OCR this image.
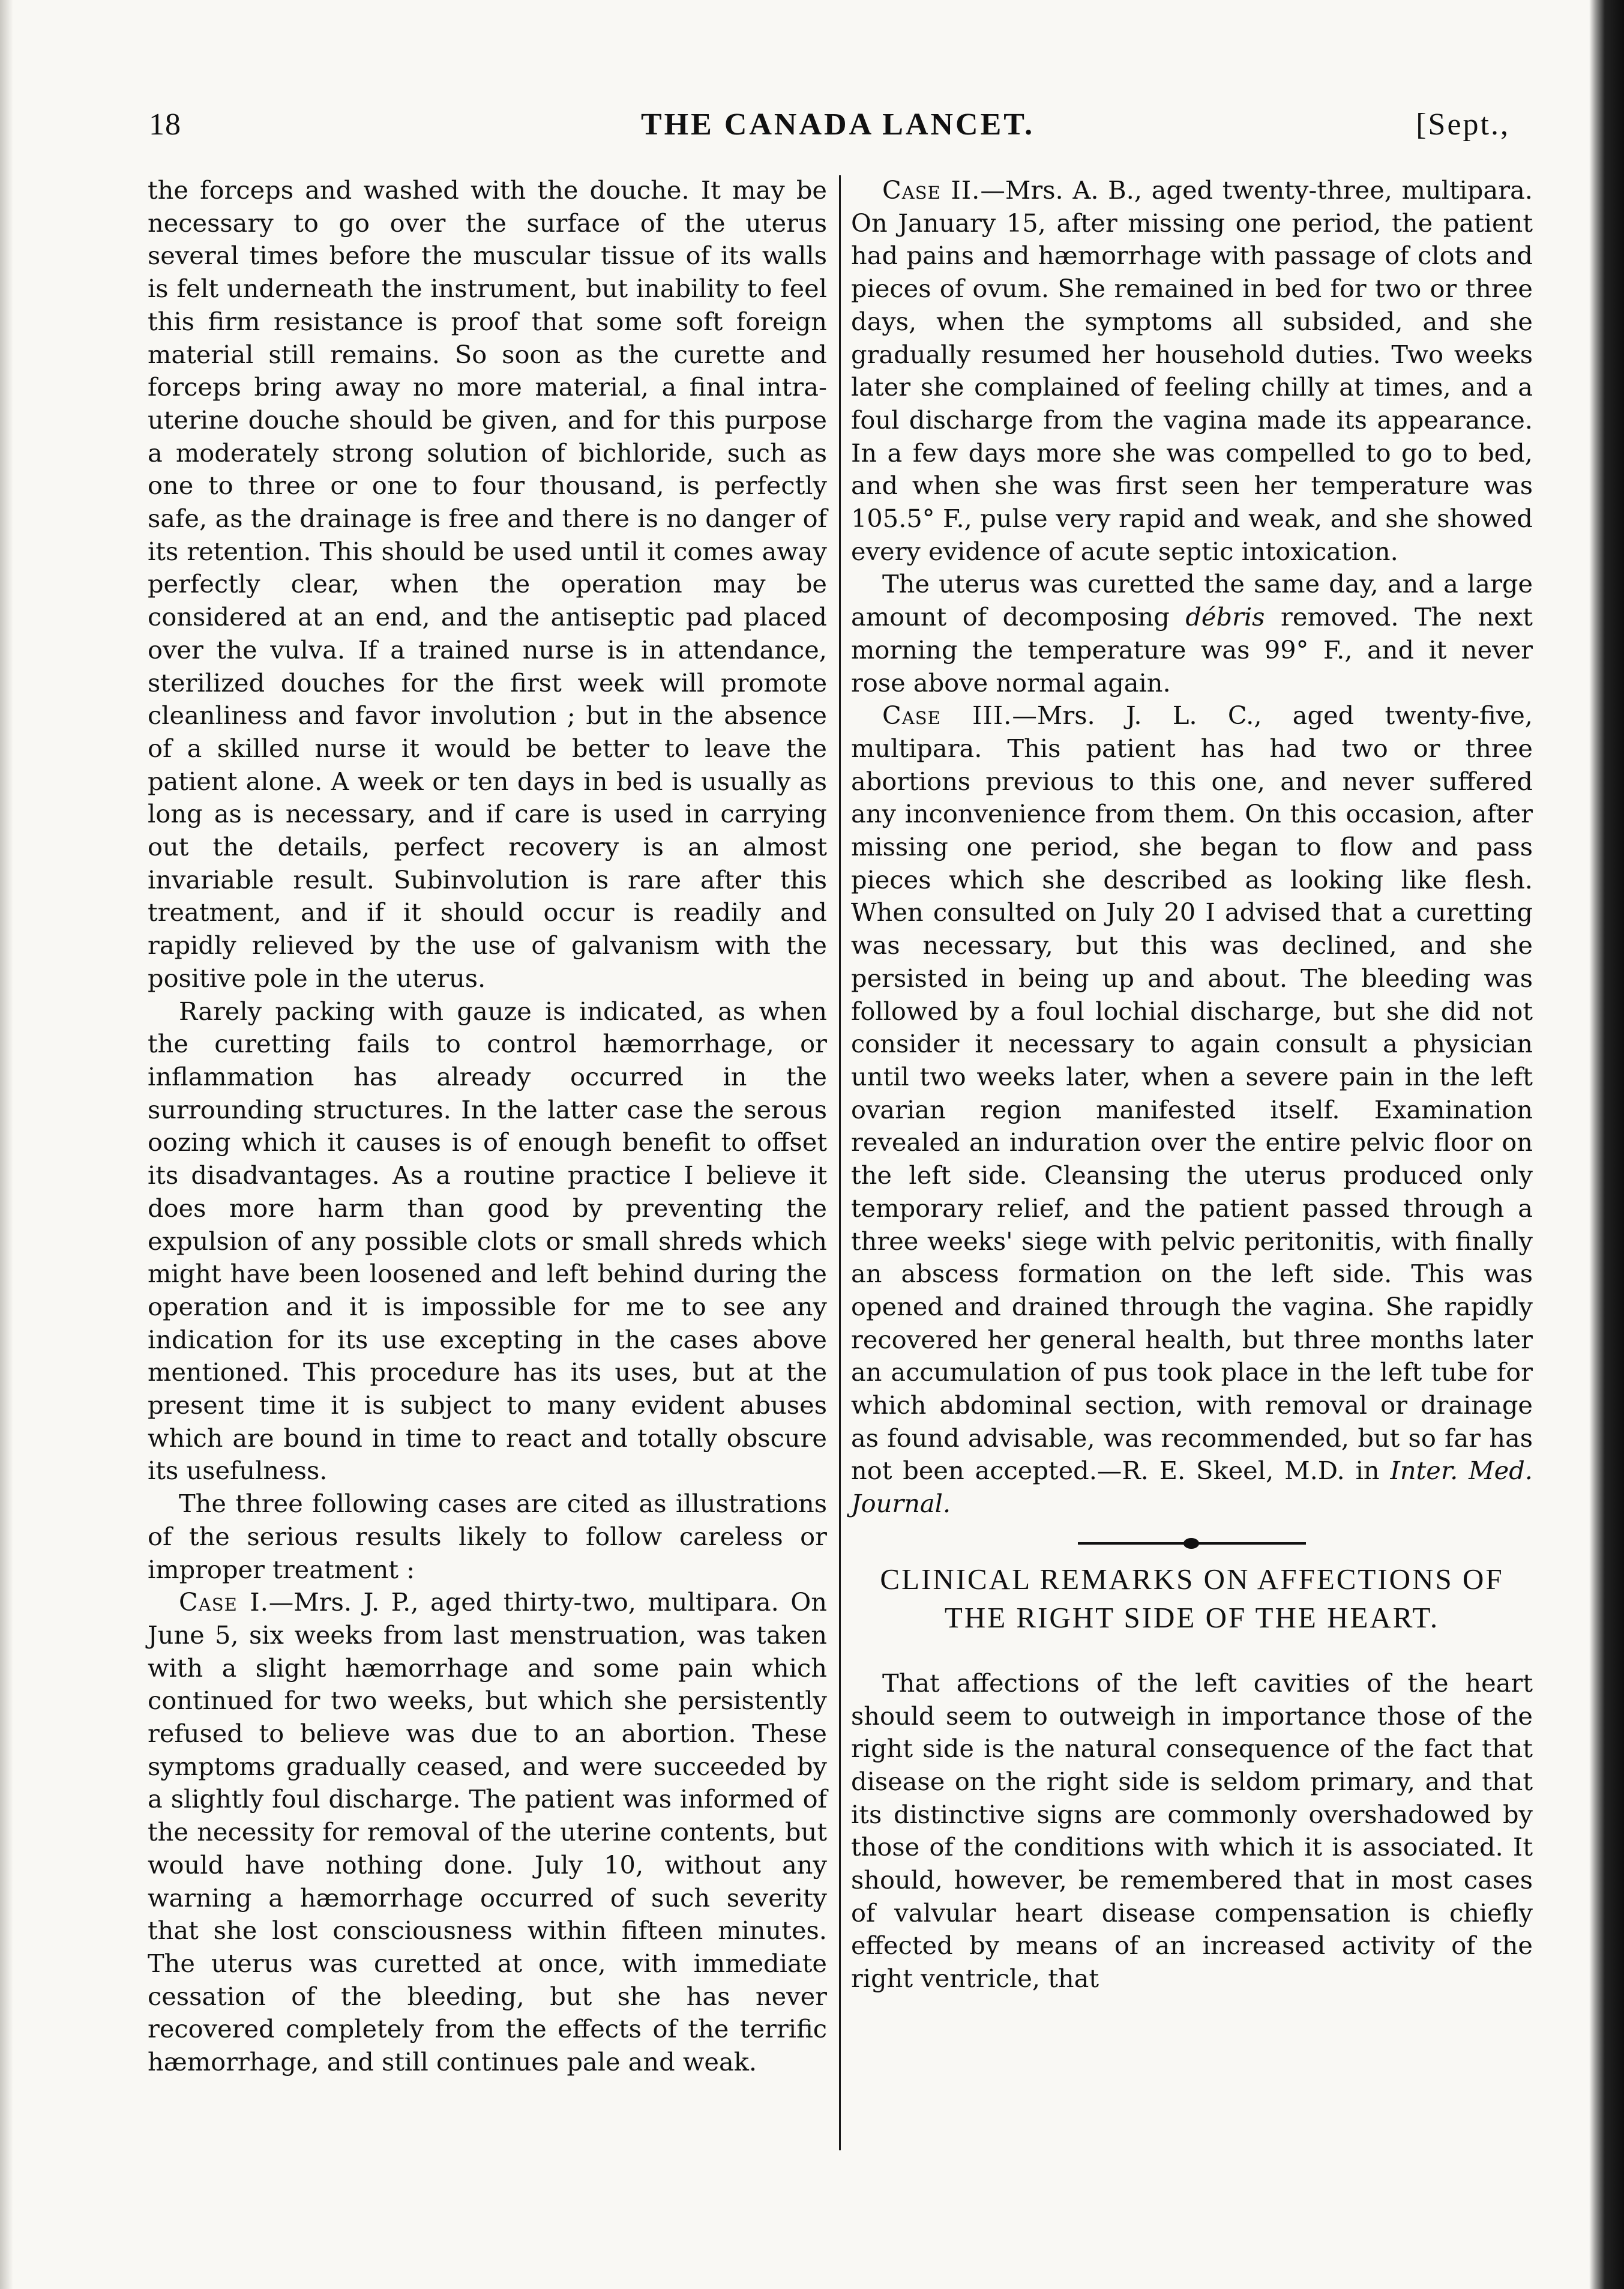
18	THE CANADA LANCET.	[Sept.,

the forceps and washed with the douche. It may be necessary to go over the surface of the uterus several times before the muscular tissue of its walls is felt underneath the instrument, but inability to feel this firm resistance is proof that some soft foreign material still remains. So soon as the curette and forceps bring away no more material, a final intra-uterine douche should be given, and for this purpose a moderately strong solution of bichloride, such as one to three or one to four thousand, is perfectly safe, as the drainage is free and there is no danger of its retention. This should be used until it comes away perfectly clear, when the operation may be considered at an end, and the antiseptic pad placed over the vulva. If a trained nurse is in attendance, sterilized douches for the first week will promote cleanliness and favor involution ; but in the absence of a skilled nurse it would be better to leave the patient alone. A week or ten days in bed is usually as long as is necessary, and if care is used in carrying out the details, perfect recovery is an almost invariable result. Subinvolution is rare after this treatment, and if it should occur is readily and rapidly relieved by the use of galvanism with the positive pole in the uterus.

Rarely packing with gauze is indicated, as when the curetting fails to control hæmorrhage, or inflammation has already occurred in the surrounding structures. In the latter case the serous oozing which it causes is of enough benefit to offset its disadvantages. As a routine practice I believe it does more harm than good by preventing the expulsion of any possible clots or small shreds which might have been loosened and left behind during the operation and it is impossible for me to see any indication for its use excepting in the cases above mentioned. This procedure has its uses, but at the present time it is subject to many evident abuses which are bound in time to react and totally obscure its usefulness.

The three following cases are cited as illustrations of the serious results likely to follow careless or improper treatment :

Case I.—Mrs. J. P., aged thirty-two, multipara. On June 5, six weeks from last menstruation, was taken with a slight hæmorrhage and some pain which continued for two weeks, but which she persistently refused to believe was due to an abortion. These symptoms gradually ceased, and were succeeded by a slightly foul discharge. The patient was informed of the necessity for removal of the uterine contents, but would have nothing done. July 10, without any warning a hæmorrhage occurred of such severity that she lost consciousness within fifteen minutes. The uterus was curetted at once, with immediate cessation of the bleeding, but she has never recovered completely from the effects of the terrific hæmorrhage, and still continues pale and weak.

Case II.—Mrs. A. B., aged twenty-three, multipara. On January 15, after missing one period, the patient had pains and hæmorrhage with passage of clots and pieces of ovum. She remained in bed for two or three days, when the symptoms all subsided, and she gradually resumed her household duties. Two weeks later she complained of feeling chilly at times, and a foul discharge from the vagina made its appearance. In a few days more she was compelled to go to bed, and when she was first seen her temperature was 105.5° F., pulse very rapid and weak, and she showed every evidence of acute septic intoxication.

The uterus was curetted the same day, and a large amount of decomposing débris removed. The next morning the temperature was 99° F., and it never rose above normal again.

Case III.—Mrs. J. L. C., aged twenty-five, multipara. This patient has had two or three abortions previous to this one, and never suffered any inconvenience from them. On this occasion, after missing one period, she began to flow and pass pieces which she described as looking like flesh. When consulted on July 20 I advised that a curetting was necessary, but this was declined, and she persisted in being up and about. The bleeding was followed by a foul lochial discharge, but she did not consider it necessary to again consult a physician until two weeks later, when a severe pain in the left ovarian region manifested itself. Examination revealed an induration over the entire pelvic floor on the left side. Cleansing the uterus produced only temporary relief, and the patient passed through a three weeks' siege with pelvic peritonitis, with finally an abscess formation on the left side. This was opened and drained through the vagina. She rapidly recovered her general health, but three months later an accumulation of pus took place in the left tube for which abdominal section, with removal or drainage as found advisable, was recommended, but so far has not been accepted.—R. E. Skeel, M.D. in Inter. Med. Journal.

CLINICAL REMARKS ON AFFECTIONS OF THE RIGHT SIDE OF THE HEART.

That affections of the left cavities of the heart should seem to outweigh in importance those of the right side is the natural consequence of the fact that disease on the right side is seldom primary, and that its distinctive signs are commonly overshadowed by those of the conditions with which it is associated. It should, however, be remembered that in most cases of valvular heart disease compensation is chiefly effected by means of an increased activity of the right ventricle, that
